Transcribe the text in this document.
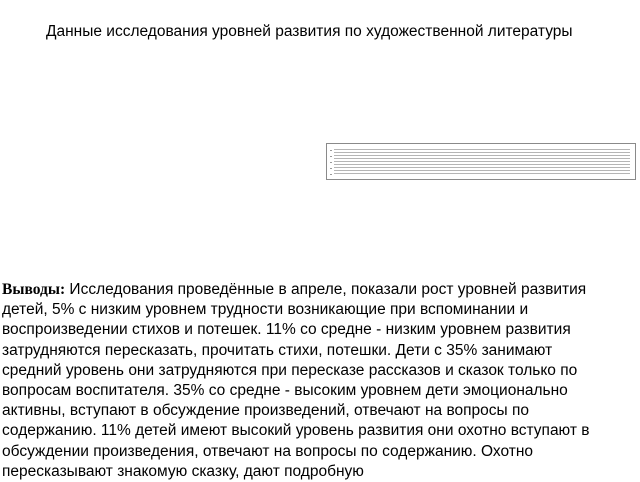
Данные исследования уровней развития по художественной литературы

Выводы: Исследования проведённые в апреле, показали рост уровней развития детей, 5% с низким уровнем трудности возникающие при вспоминании и воспроизведении стихов и потешек. 11% со средне - низким уровнем развития затрудняются пересказать, прочитать стихи, потешки. Дети с 35% занимают средний уровень они затрудняются при пересказе рассказов и сказок только по вопросам воспитателя. 35% со средне - высоким уровнем дети эмоционально активны, вступают в обсуждение произведений, отвечают на вопросы по содержанию. 11% детей имеют высокий уровень развития они охотно вступают в обсуждении произведения, отвечают на вопросы по содержанию. Охотно пересказывают знакомую сказку, дают подробную
